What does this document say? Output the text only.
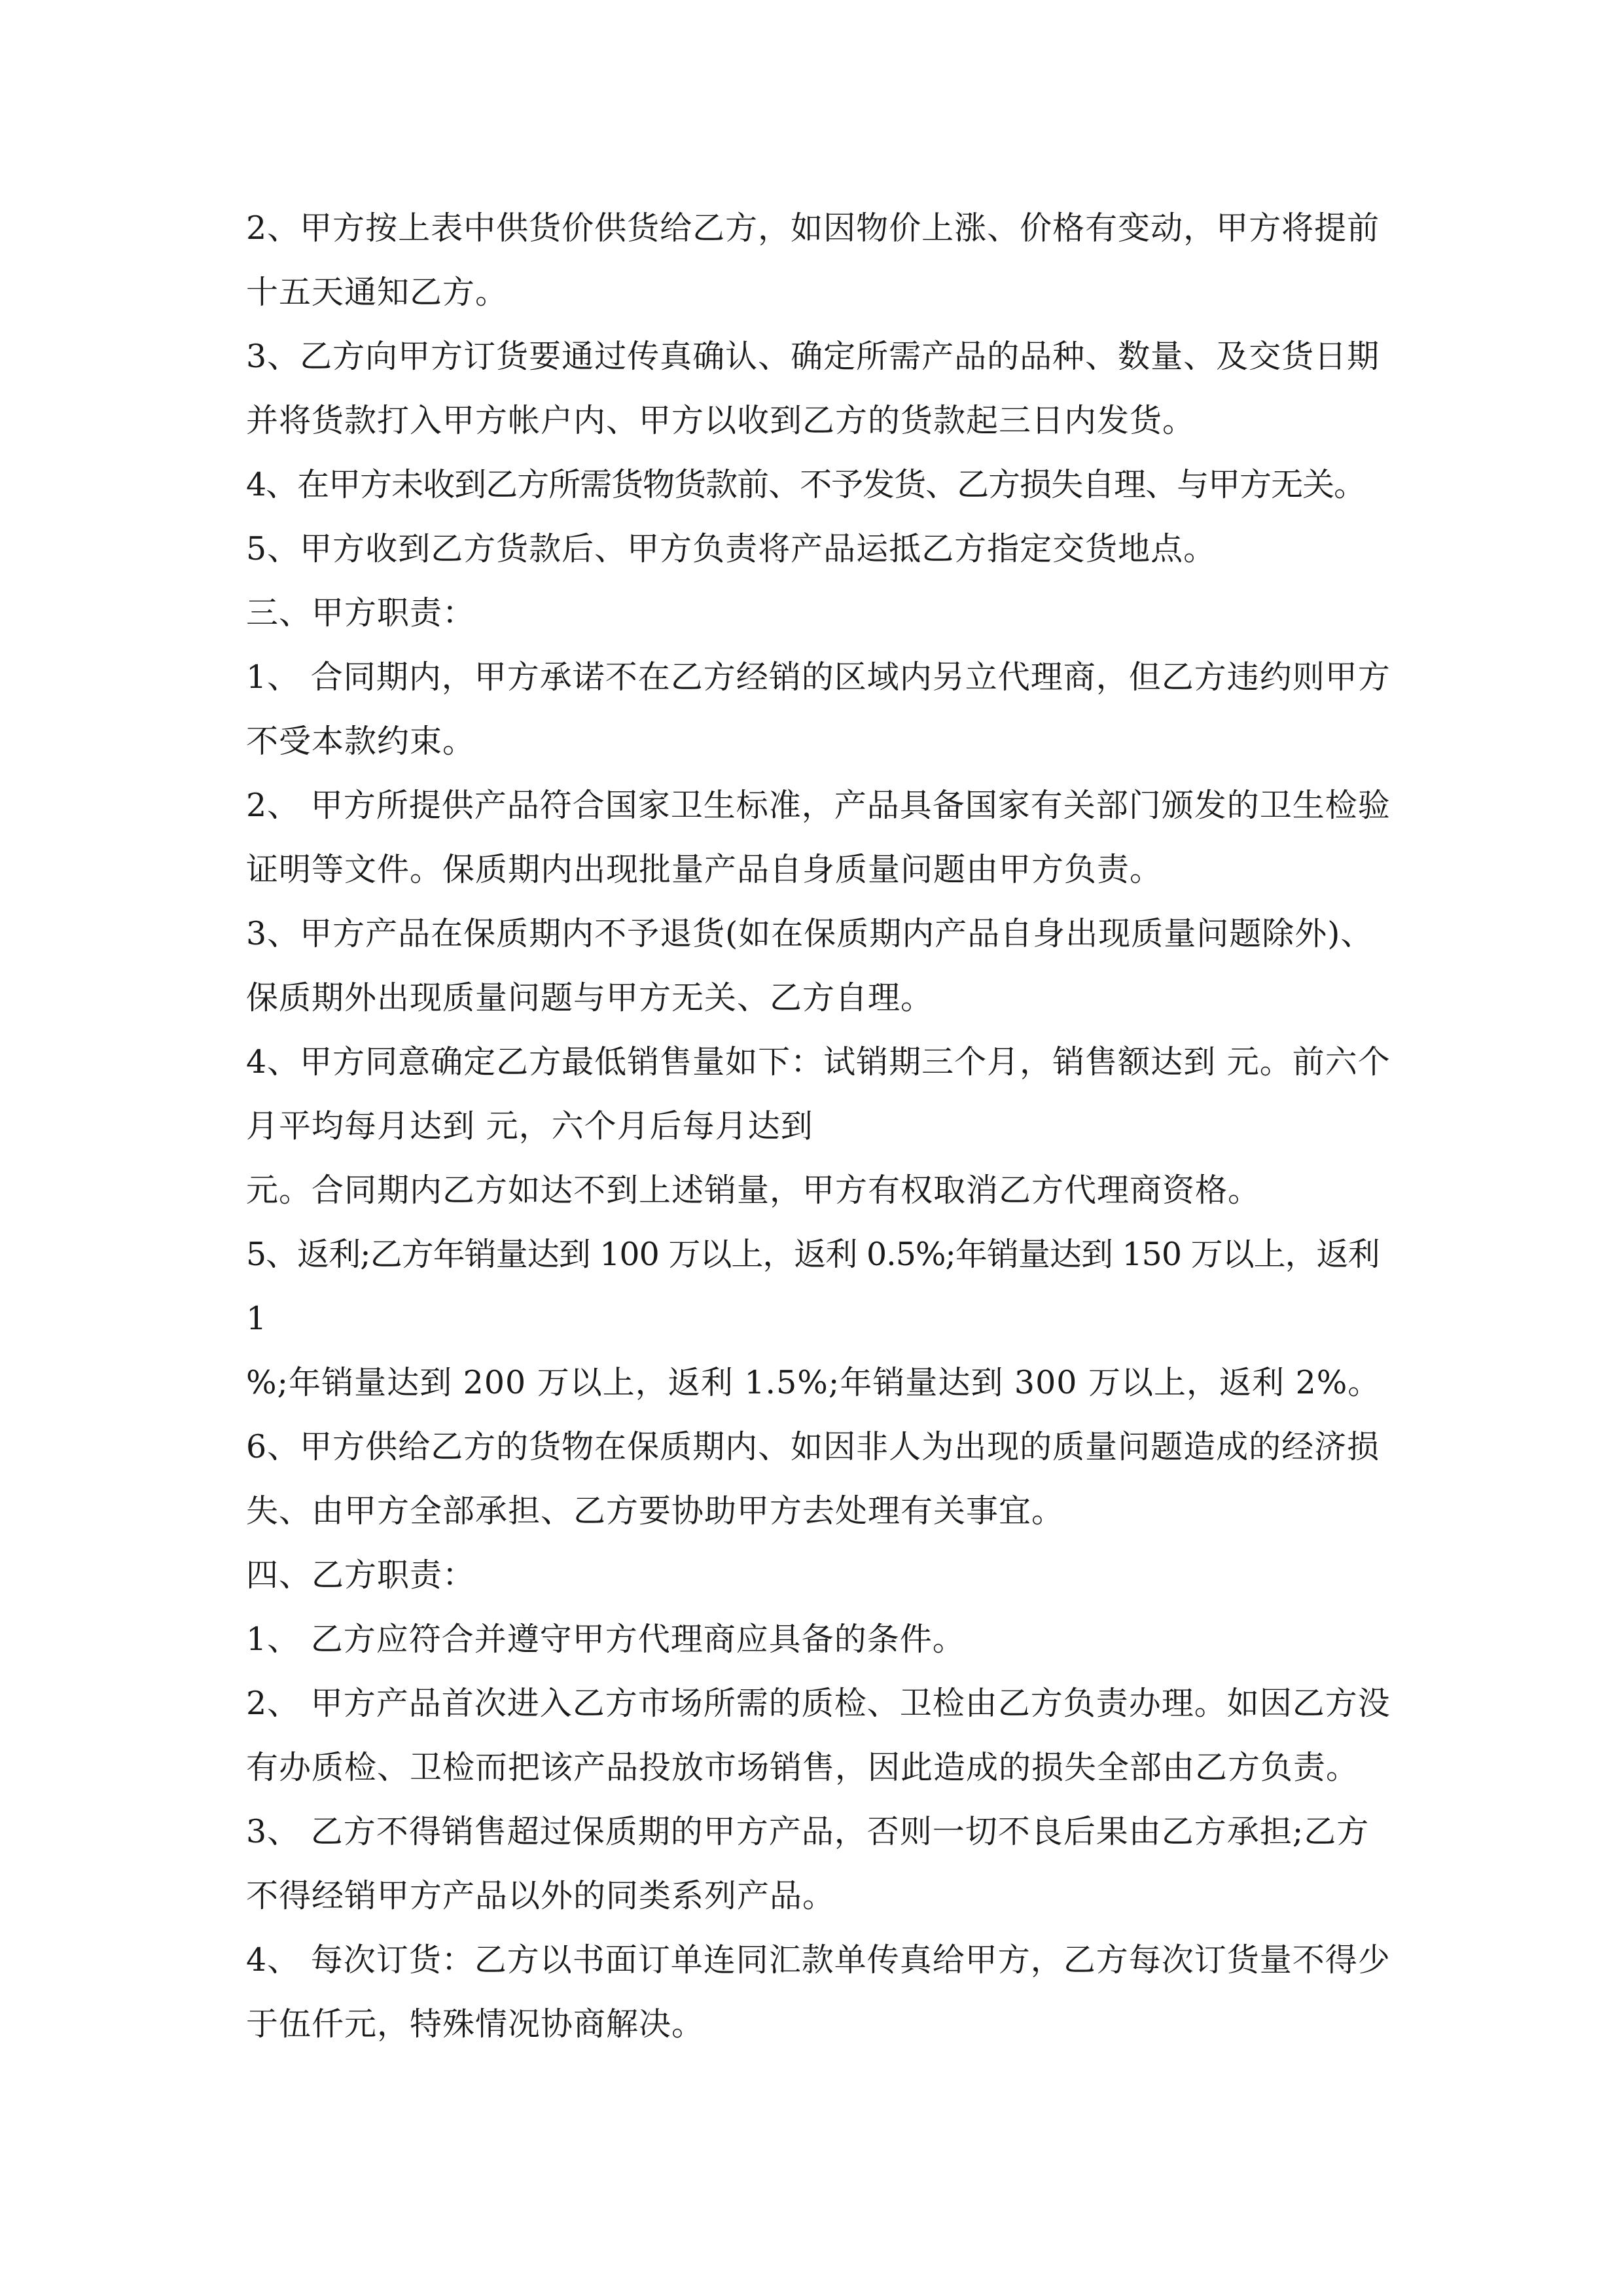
2、甲方按上表中供货价供货给乙方，如因物价上涨、价格有变动，甲方将提前
十五天通知乙方。
3、乙方向甲方订货要通过传真确认、确定所需产品的品种、数量、及交货日期
并将货款打入甲方帐户内、甲方以收到乙方的货款起三日内发货。
4、在甲方未收到乙方所需货物货款前、不予发货、乙方损失自理、与甲方无关。
5、甲方收到乙方货款后、甲方负责将产品运抵乙方指定交货地点。
三、甲方职责：
1、 合同期内，甲方承诺不在乙方经销的区域内另立代理商，但乙方违约则甲方
不受本款约束。
2、 甲方所提供产品符合国家卫生标准，产品具备国家有关部门颁发的卫生检验
证明等文件。保质期内出现批量产品自身质量问题由甲方负责。
3、甲方产品在保质期内不予退货(如在保质期内产品自身出现质量问题除外)、
保质期外出现质量问题与甲方无关、乙方自理。
4、甲方同意确定乙方最低销售量如下：试销期三个月，销售额达到 元。前六个
月平均每月达到 元，六个月后每月达到
元。合同期内乙方如达不到上述销量，甲方有权取消乙方代理商资格。
5、返利;乙方年销量达到 100 万以上，返利 0.5%;年销量达到 150 万以上，返利
1
%;年销量达到 200 万以上，返利 1.5%;年销量达到 300 万以上，返利 2%。
6、甲方供给乙方的货物在保质期内、如因非人为出现的质量问题造成的经济损
失、由甲方全部承担、乙方要协助甲方去处理有关事宜。
四、乙方职责：
1、 乙方应符合并遵守甲方代理商应具备的条件。
2、 甲方产品首次进入乙方市场所需的质检、卫检由乙方负责办理。如因乙方没
有办质检、卫检而把该产品投放市场销售，因此造成的损失全部由乙方负责。
3、 乙方不得销售超过保质期的甲方产品，否则一切不良后果由乙方承担;乙方
不得经销甲方产品以外的同类系列产品。
4、 每次订货：乙方以书面订单连同汇款单传真给甲方，乙方每次订货量不得少
于伍仟元，特殊情况协商解决。
